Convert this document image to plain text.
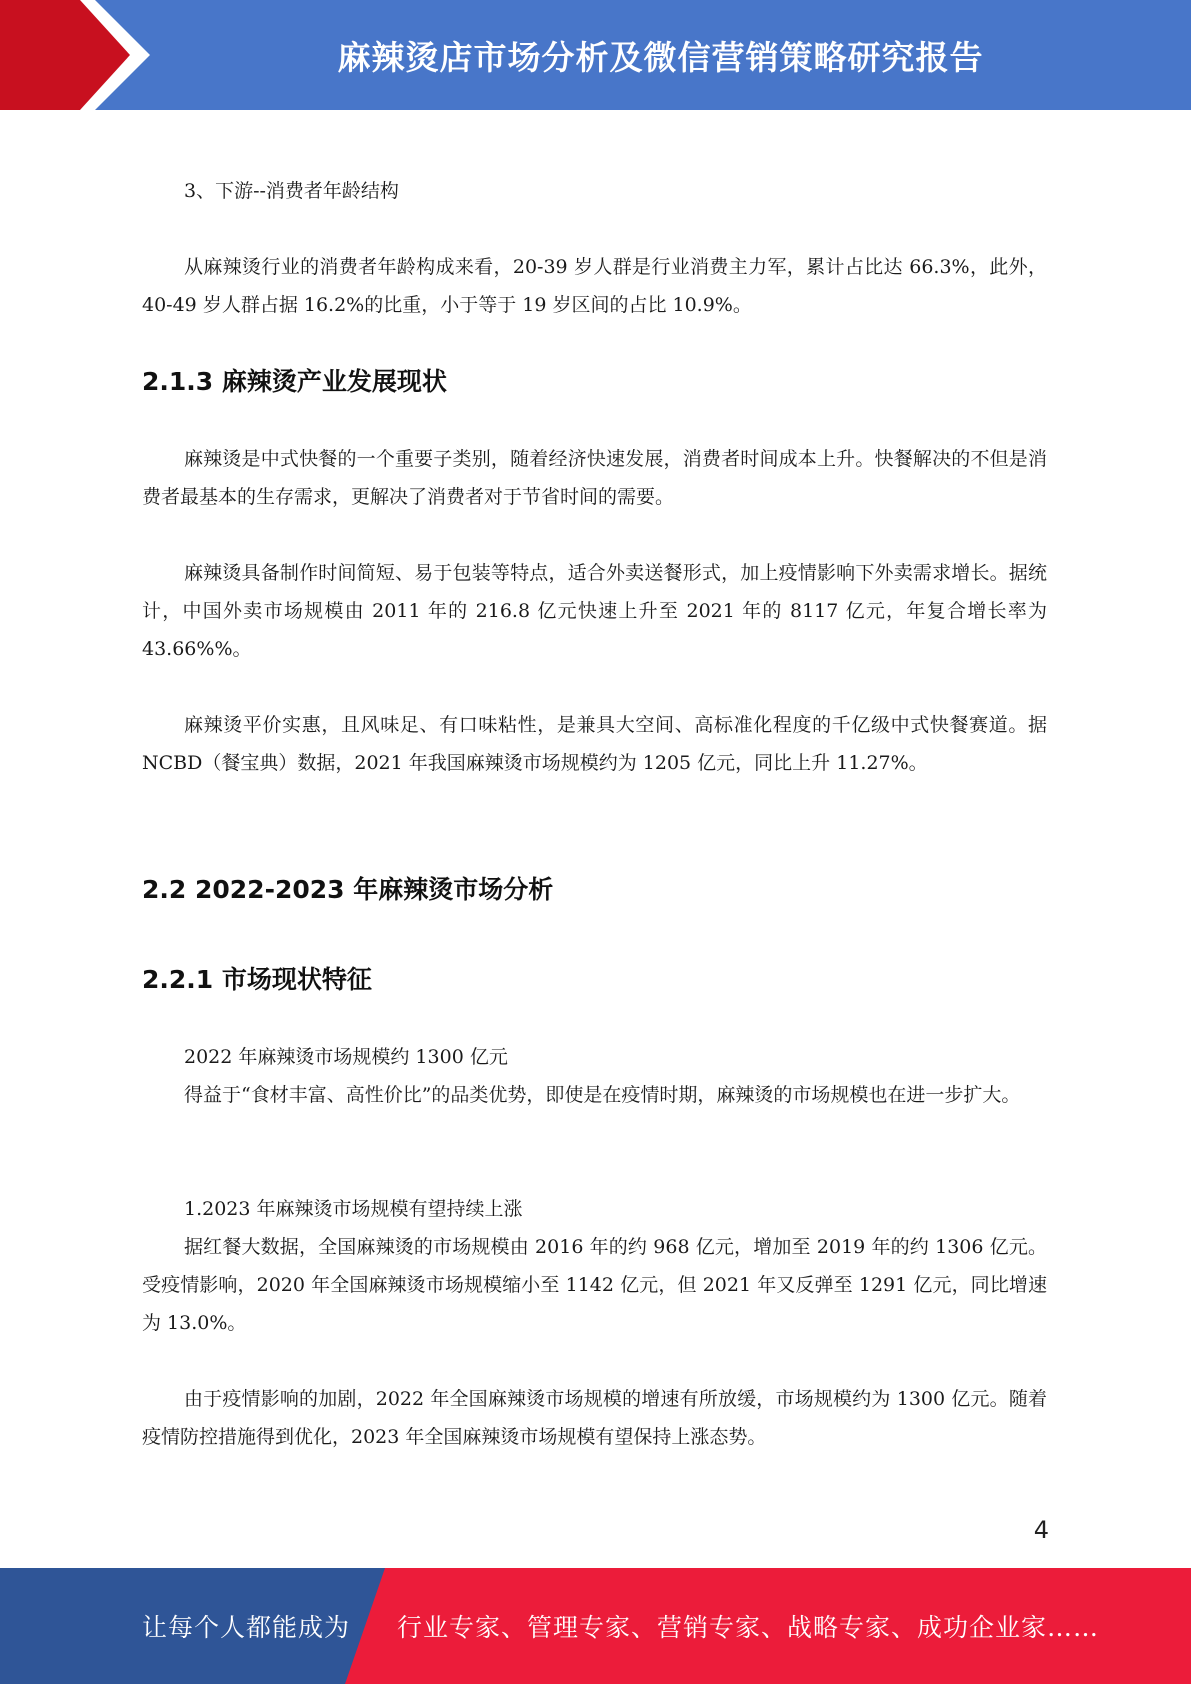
麻辣烫店市场分析及微信营销策略研究报告

3、下游--消费者年龄结构

从麻辣烫行业的消费者年龄构成来看，20-39 岁人群是行业消费主力军，累计占比达 66.3%，此外，40-49 岁人群占据 16.2%的比重，小于等于 19 岁区间的占比 10.9%。

2.1.3 麻辣烫产业发展现状

麻辣烫是中式快餐的一个重要子类别，随着经济快速发展，消费者时间成本上升。快餐解决的不但是消费者最基本的生存需求，更解决了消费者对于节省时间的需要。

麻辣烫具备制作时间简短、易于包装等特点，适合外卖送餐形式，加上疫情影响下外卖需求增长。据统计，中国外卖市场规模由 2011 年的 216.8 亿元快速上升至 2021 年的 8117 亿元，年复合增长率为 43.66%%。

麻辣烫平价实惠，且风味足、有口味粘性，是兼具大空间、高标准化程度的千亿级中式快餐赛道。据 NCBD（餐宝典）数据，2021 年我国麻辣烫市场规模约为 1205 亿元，同比上升 11.27%。

2.2 2022-2023 年麻辣烫市场分析
2.2.1 市场现状特征

2022 年麻辣烫市场规模约 1300 亿元

得益于“食材丰富、高性价比”的品类优势，即使是在疫情时期，麻辣烫的市场规模也在进一步扩大。

1.2023 年麻辣烫市场规模有望持续上涨

据红餐大数据，全国麻辣烫的市场规模由 2016 年的约 968 亿元，增加至 2019 年的约 1306 亿元。受疫情影响，2020 年全国麻辣烫市场规模缩小至 1142 亿元，但 2021 年又反弹至 1291 亿元，同比增速为 13.0%。

由于疫情影响的加剧，2022 年全国麻辣烫市场规模的增速有所放缓，市场规模约为 1300 亿元。随着疫情防控措施得到优化，2023 年全国麻辣烫市场规模有望保持上涨态势。

4

让每个人都能成为 行业专家、管理专家、营销专家、战略专家、成功企业家……
